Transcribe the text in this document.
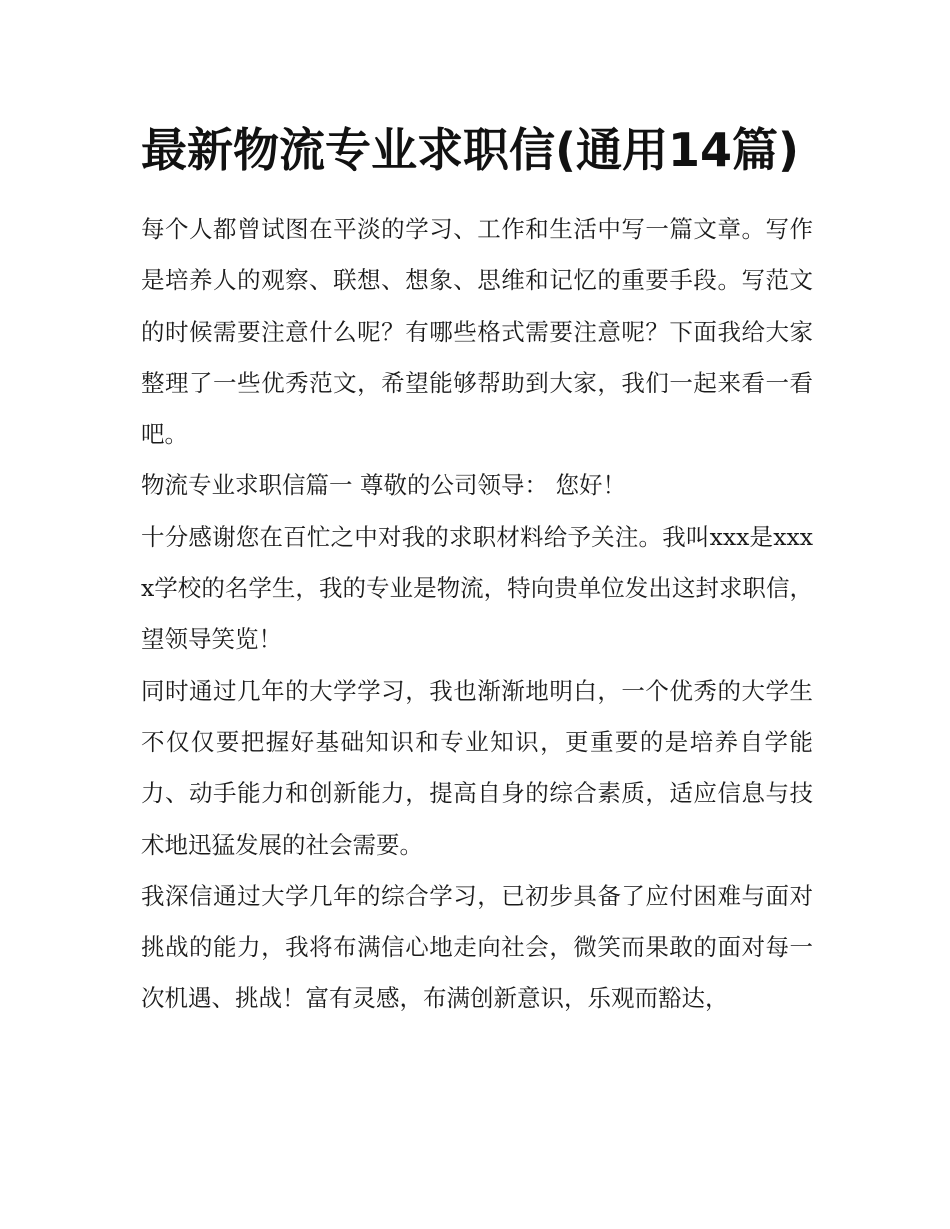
最新物流专业求职信(通用14篇)

每个人都曾试图在平淡的学习、工作和生活中写一篇文章。写作是培养人的观察、联想、想象、思维和记忆的重要手段。写范文的时候需要注意什么呢？有哪些格式需要注意呢？下面我给大家整理了一些优秀范文，希望能够帮助到大家，我们一起来看一看吧。

物流专业求职信篇一 尊敬的公司领导： 您好！

十分感谢您在百忙之中对我的求职材料给予关注。我叫xxx是xxxx学校的名学生，我的专业是物流，特向贵单位发出这封求职信，望领导笑览！

同时通过几年的大学学习，我也渐渐地明白，一个优秀的大学生不仅仅要把握好基础知识和专业知识，更重要的是培养自学能力、动手能力和创新能力，提高自身的综合素质，适应信息与技术地迅猛发展的社会需要。

我深信通过大学几年的综合学习，已初步具备了应付困难与面对挑战的能力，我将布满信心地走向社会，微笑而果敢的面对每一次机遇、挑战！富有灵感，布满创新意识，乐观而豁达，
